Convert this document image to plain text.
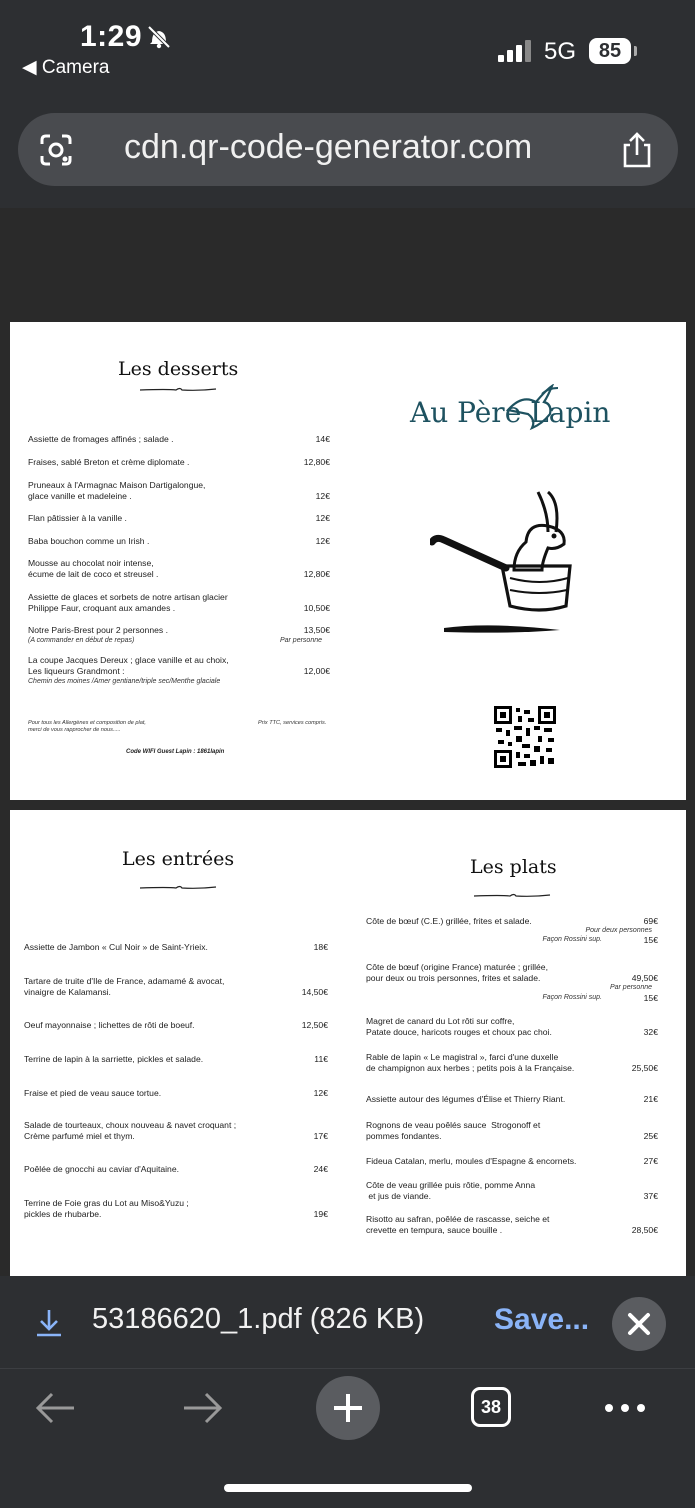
1:29
◀ Camera
5G	85
cdn.qr-code-generator.com
Les desserts
Assiette de fromages affinés ; salade .	14€
Fraises, sablé Breton et crème diplomate .	12,80€
Pruneaux à l'Armagnac Maison Dartigalongue,
glace vanille et madeleine .	12€
Flan pâtissier à la vanille .	12€
Baba bouchon comme un Irish .	12€
Mousse au chocolat noir intense,
écume de lait de coco et streusel .	12,80€
Assiette de glaces et sorbets de notre artisan glacier
Philippe Faur, croquant aux amandes .	10,50€
Notre Paris-Brest pour 2 personnes .	13,50€
(A commander en début de repas)	Par personne
La coupe Jacques Dereux ; glace vanille et au choix,
Les liqueurs Grandmont :	12,00€
Chemin des moines /Amer gentiane/triple sec/Menthe glaciale
Pour tous les Allergènes et composition de plat,
merci de vous rapprocher de nous.....
Prix TTC, services compris.
Code WIFI Guest Lapin : 1861lapin
Au Père Lapin
Les entrées
Assiette de Jambon « Cul Noir » de Saint-Yrieix.	18€
Tartare de truite d'Ile de France, adamamé & avocat,
vinaigre de Kalamansi.	14,50€
Oeuf mayonnaise ; lichettes de rôti de boeuf.	12,50€
Terrine de lapin à la sarriette, pickles et salade.	11€
Fraise et pied de veau sauce tortue.	12€
Salade de tourteaux, choux nouveau & navet croquant ;
Crème parfumé miel et thym.	17€
Poêlée de gnocchi au caviar d'Aquitaine.	24€
Terrine de Foie gras du Lot au Miso&Yuzu ;
pickles de rhubarbe.	19€
Les plats
Côte de bœuf (C.E.) grillée, frites et salade.	69€
Pour deux personnes
Façon Rossini sup.	15€
Côte de bœuf (origine France) maturée ; grillée,
pour deux ou trois personnes, frites et salade.	49,50€
Par personne
Façon Rossini sup.	15€
Magret de canard du Lot rôti sur coffre,
Patate douce, haricots rouges et choux pac choi.	32€
Rable de lapin « Le magistral », farci d'une duxelle
de champignon aux herbes ; petits pois à la Française.	25,50€
Assiette autour des légumes d'Élise et Thierry Riant.	21€
Rognons de veau poêlés sauce  Strogonoff et
pommes fondantes.	25€
Fideua Catalan, merlu, moules d'Espagne & encornets.	27€
Côte de veau grillée puis rôtie, pomme Anna
et jus de viande.	37€
Risotto au safran, poêlée de rascasse, seiche et
crevette en tempura, sauce bouille .	28,50€
53186620_1.pdf (826 KB) Save...
38
